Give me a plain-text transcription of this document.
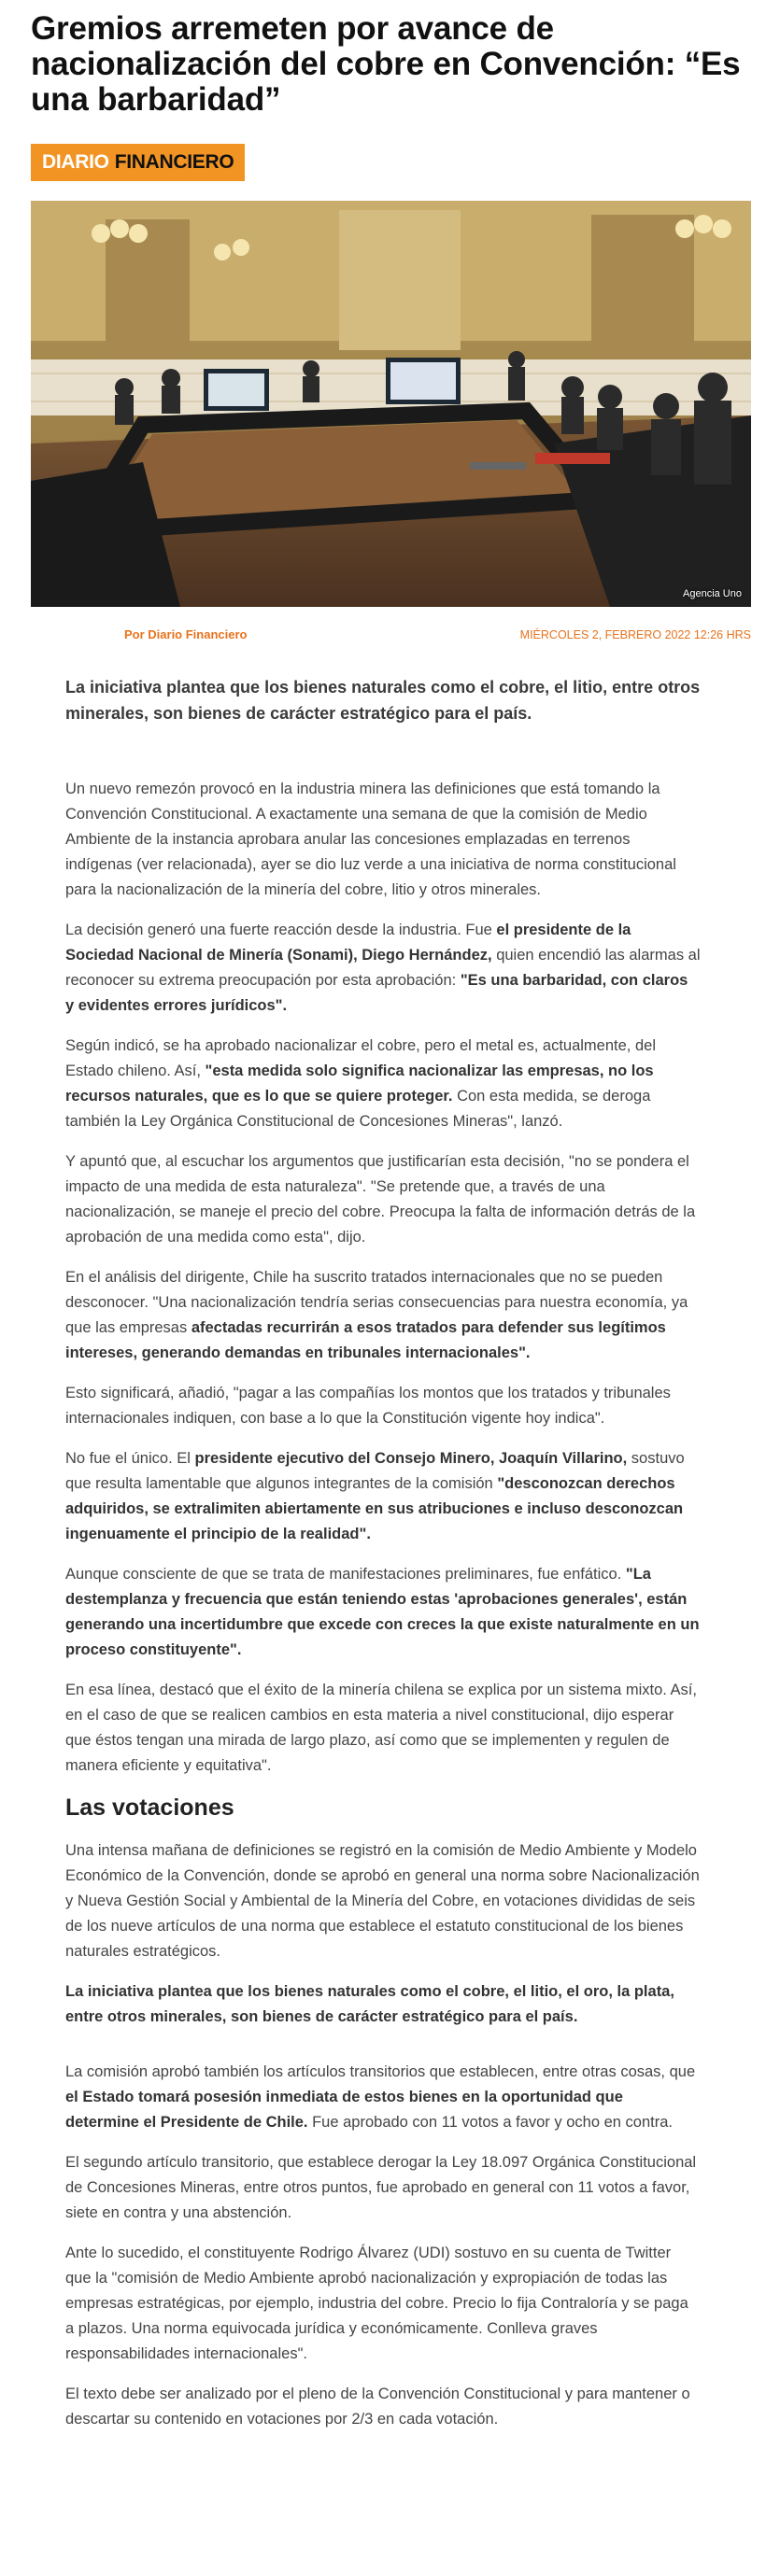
Gremios arremeten por avance de nacionalización del cobre en Convención: “Es una barbaridad”
DIARIO FINANCIERO
Agencia Uno
Por Diario Financiero	MIÉRCOLES 2, FEBRERO 2022 12:26 HRS

La iniciativa plantea que los bienes naturales como el cobre, el litio, entre otros minerales, son bienes de carácter estratégico para el país.

Un nuevo remezón provocó en la industria minera las definiciones que está tomando la Convención Constitucional. A exactamente una semana de que la comisión de Medio Ambiente de la instancia aprobara anular las concesiones emplazadas en terrenos indígenas (ver relacionada), ayer se dio luz verde a una iniciativa de norma constitucional para la nacionalización de la minería del cobre, litio y otros minerales.

La decisión generó una fuerte reacción desde la industria. Fue el presidente de la Sociedad Nacional de Minería (Sonami), Diego Hernández, quien encendió las alarmas al reconocer su extrema preocupación por esta aprobación: "Es una barbaridad, con claros y evidentes errores jurídicos".

Según indicó, se ha aprobado nacionalizar el cobre, pero el metal es, actualmente, del Estado chileno. Así, "esta medida solo significa nacionalizar las empresas, no los recursos naturales, que es lo que se quiere proteger. Con esta medida, se deroga también la Ley Orgánica Constitucional de Concesiones Mineras", lanzó.

Y apuntó que, al escuchar los argumentos que justificarían esta decisión, "no se pondera el impacto de una medida de esta naturaleza". "Se pretende que, a través de una nacionalización, se maneje el precio del cobre. Preocupa la falta de información detrás de la aprobación de una medida como esta", dijo.

En el análisis del dirigente, Chile ha suscrito tratados internacionales que no se pueden desconocer. "Una nacionalización tendría serias consecuencias para nuestra economía, ya que las empresas afectadas recurrirán a esos tratados para defender sus legítimos intereses, generando demandas en tribunales internacionales".

Esto significará, añadió, "pagar a las compañías los montos que los tratados y tribunales internacionales indiquen, con base a lo que la Constitución vigente hoy indica".

No fue el único. El presidente ejecutivo del Consejo Minero, Joaquín Villarino, sostuvo que resulta lamentable que algunos integrantes de la comisión "desconozcan derechos adquiridos, se extralimiten abiertamente en sus atribuciones e incluso desconozcan ingenuamente el principio de la realidad".

Aunque consciente de que se trata de manifestaciones preliminares, fue enfático. "La destemplanza y frecuencia que están teniendo estas 'aprobaciones generales', están generando una incertidumbre que excede con creces la que existe naturalmente en un proceso constituyente".

En esa línea, destacó que el éxito de la minería chilena se explica por un sistema mixto. Así, en el caso de que se realicen cambios en esta materia a nivel constitucional, dijo esperar que éstos tengan una mirada de largo plazo, así como que se implementen y regulen de manera eficiente y equitativa".

Las votaciones

Una intensa mañana de definiciones se registró en la comisión de Medio Ambiente y Modelo Económico de la Convención, donde se aprobó en general una norma sobre Nacionalización y Nueva Gestión Social y Ambiental de la Minería del Cobre, en votaciones divididas de seis de los nueve artículos de una norma que establece el estatuto constitucional de los bienes naturales estratégicos.

La iniciativa plantea que los bienes naturales como el cobre, el litio, el oro, la plata, entre otros minerales, son bienes de carácter estratégico para el país.

La comisión aprobó también los artículos transitorios que establecen, entre otras cosas, que el Estado tomará posesión inmediata de estos bienes en la oportunidad que determine el Presidente de Chile. Fue aprobado con 11 votos a favor y ocho en contra.

El segundo artículo transitorio, que establece derogar la Ley 18.097 Orgánica Constitucional de Concesiones Mineras, entre otros puntos, fue aprobado en general con 11 votos a favor, siete en contra y una abstención.

Ante lo sucedido, el constituyente Rodrigo Álvarez (UDI) sostuvo en su cuenta de Twitter que la "comisión de Medio Ambiente aprobó nacionalización y expropiación de todas las empresas estratégicas, por ejemplo, industria del cobre. Precio lo fija Contraloría y se paga a plazos. Una norma equivocada jurídica y económicamente. Conlleva graves responsabilidades internacionales".

El texto debe ser analizado por el pleno de la Convención Constitucional y para mantener o descartar su contenido en votaciones por 2/3 en cada votación.
